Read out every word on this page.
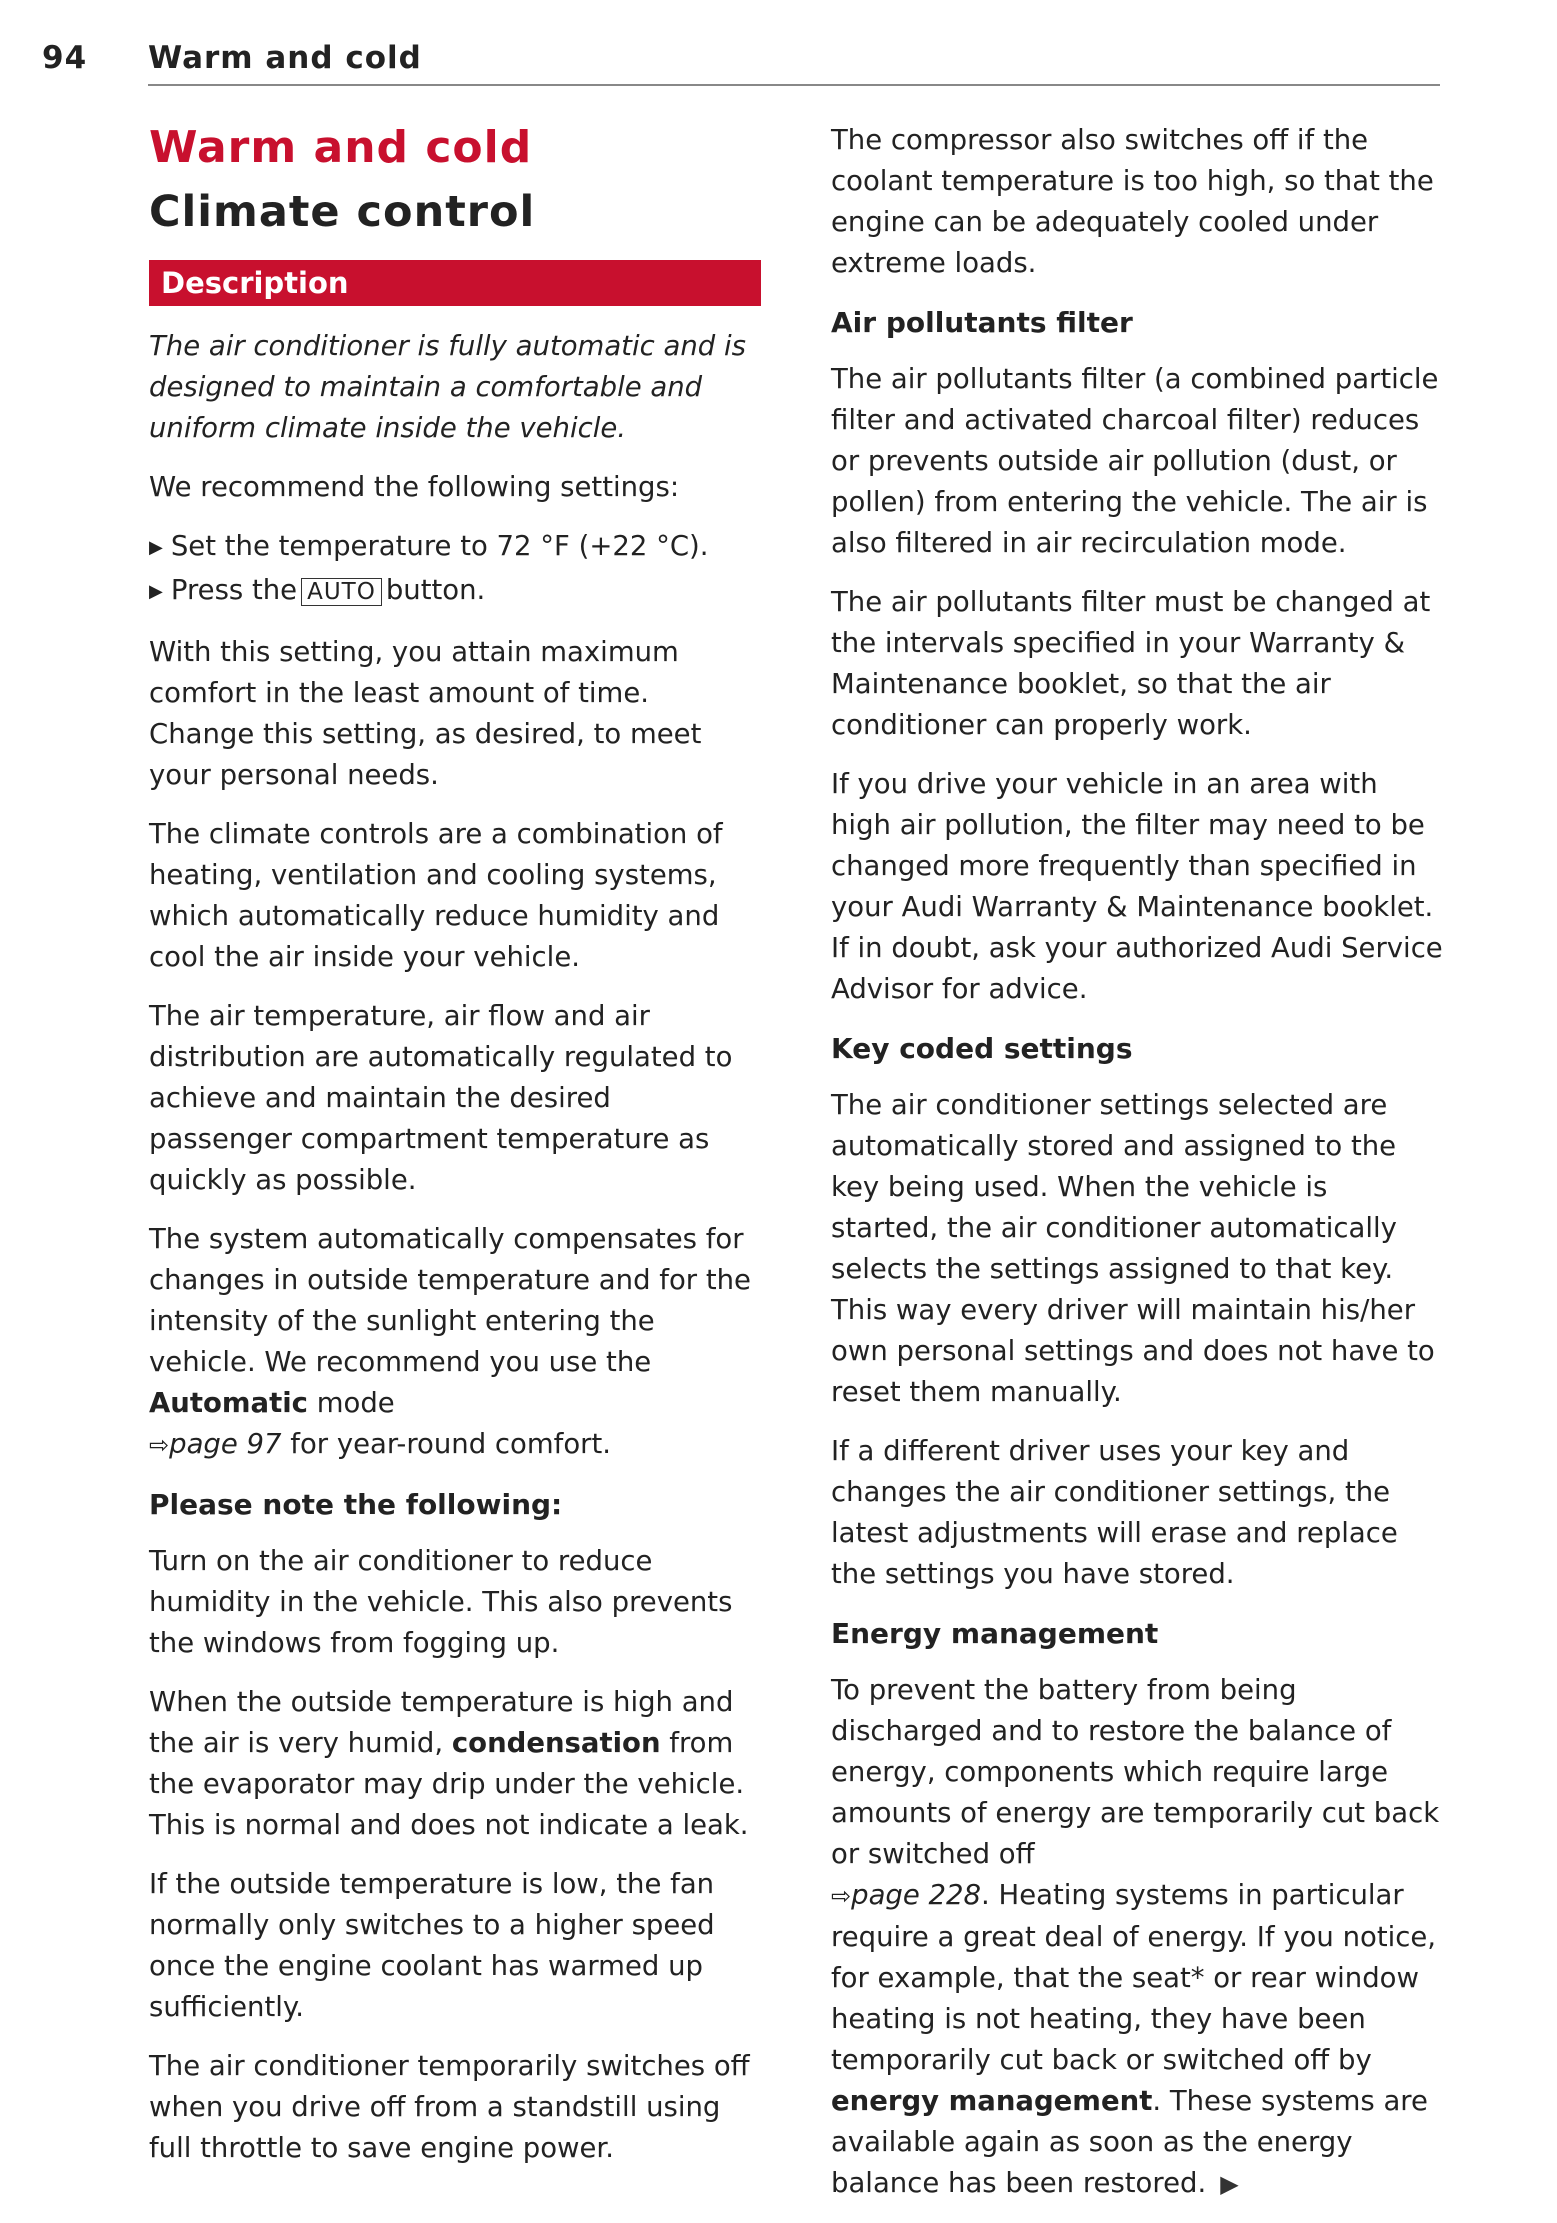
94 Warm and cold
Warm and cold
Climate control
Description

The air conditioner is fully automatic and is designed to maintain a comfortable and uniform climate inside the vehicle.

We recommend the following settings:

▶ Set the temperature to 72 °F (+22 °C).

▶ Press the AUTO button.

With this setting, you attain maximum comfort in the least amount of time. Change this setting, as desired, to meet your personal needs.

The climate controls are a combination of heating, ventilation and cooling systems, which automatically reduce humidity and cool the air inside your vehicle.

The air temperature, air flow and air distribution are automatically regulated to achieve and maintain the desired passenger compartment temperature as quickly as possible.

The system automatically compensates for changes in outside temperature and for the intensity of the sunlight entering the vehicle. We recommend you use the Automatic mode
⇨page 97 for year-round comfort.

Please note the following:

Turn on the air conditioner to reduce humidity in the vehicle. This also prevents the windows from fogging up.

When the outside temperature is high and the air is very humid, condensation from the evaporator may drip under the vehicle. This is normal and does not indicate a leak.

If the outside temperature is low, the fan normally only switches to a higher speed once the engine coolant has warmed up sufficiently.

The air conditioner temporarily switches off when you drive off from a standstill using full throttle to save engine power.

The compressor also switches off if the coolant temperature is too high, so that the engine can be adequately cooled under extreme loads.

Air pollutants filter

The air pollutants filter (a combined particle filter and activated charcoal filter) reduces or prevents outside air pollution (dust, or pollen) from entering the vehicle. The air is also filtered in air recirculation mode.

The air pollutants filter must be changed at the intervals specified in your Warranty & Maintenance booklet, so that the air conditioner can properly work.

If you drive your vehicle in an area with high air pollution, the filter may need to be changed more frequently than specified in your Audi Warranty & Maintenance booklet. If in doubt, ask your authorized Audi Service Advisor for advice.

Key coded settings

The air conditioner settings selected are automatically stored and assigned to the key being used. When the vehicle is started, the air conditioner automatically selects the settings assigned to that key. This way every driver will maintain his/her own personal settings and does not have to reset them manually.

If a different driver uses your key and changes the air conditioner settings, the latest adjustments will erase and replace the settings you have stored.

Energy management

To prevent the battery from being discharged and to restore the balance of energy, components which require large amounts of energy are temporarily cut back or switched off
⇨page 228. Heating systems in particular require a great deal of energy. If you notice, for example, that the seat* or rear window heating is not heating, they have been temporarily cut back or switched off by energy management. These systems are available again as soon as the energy balance has been restored. ▶
